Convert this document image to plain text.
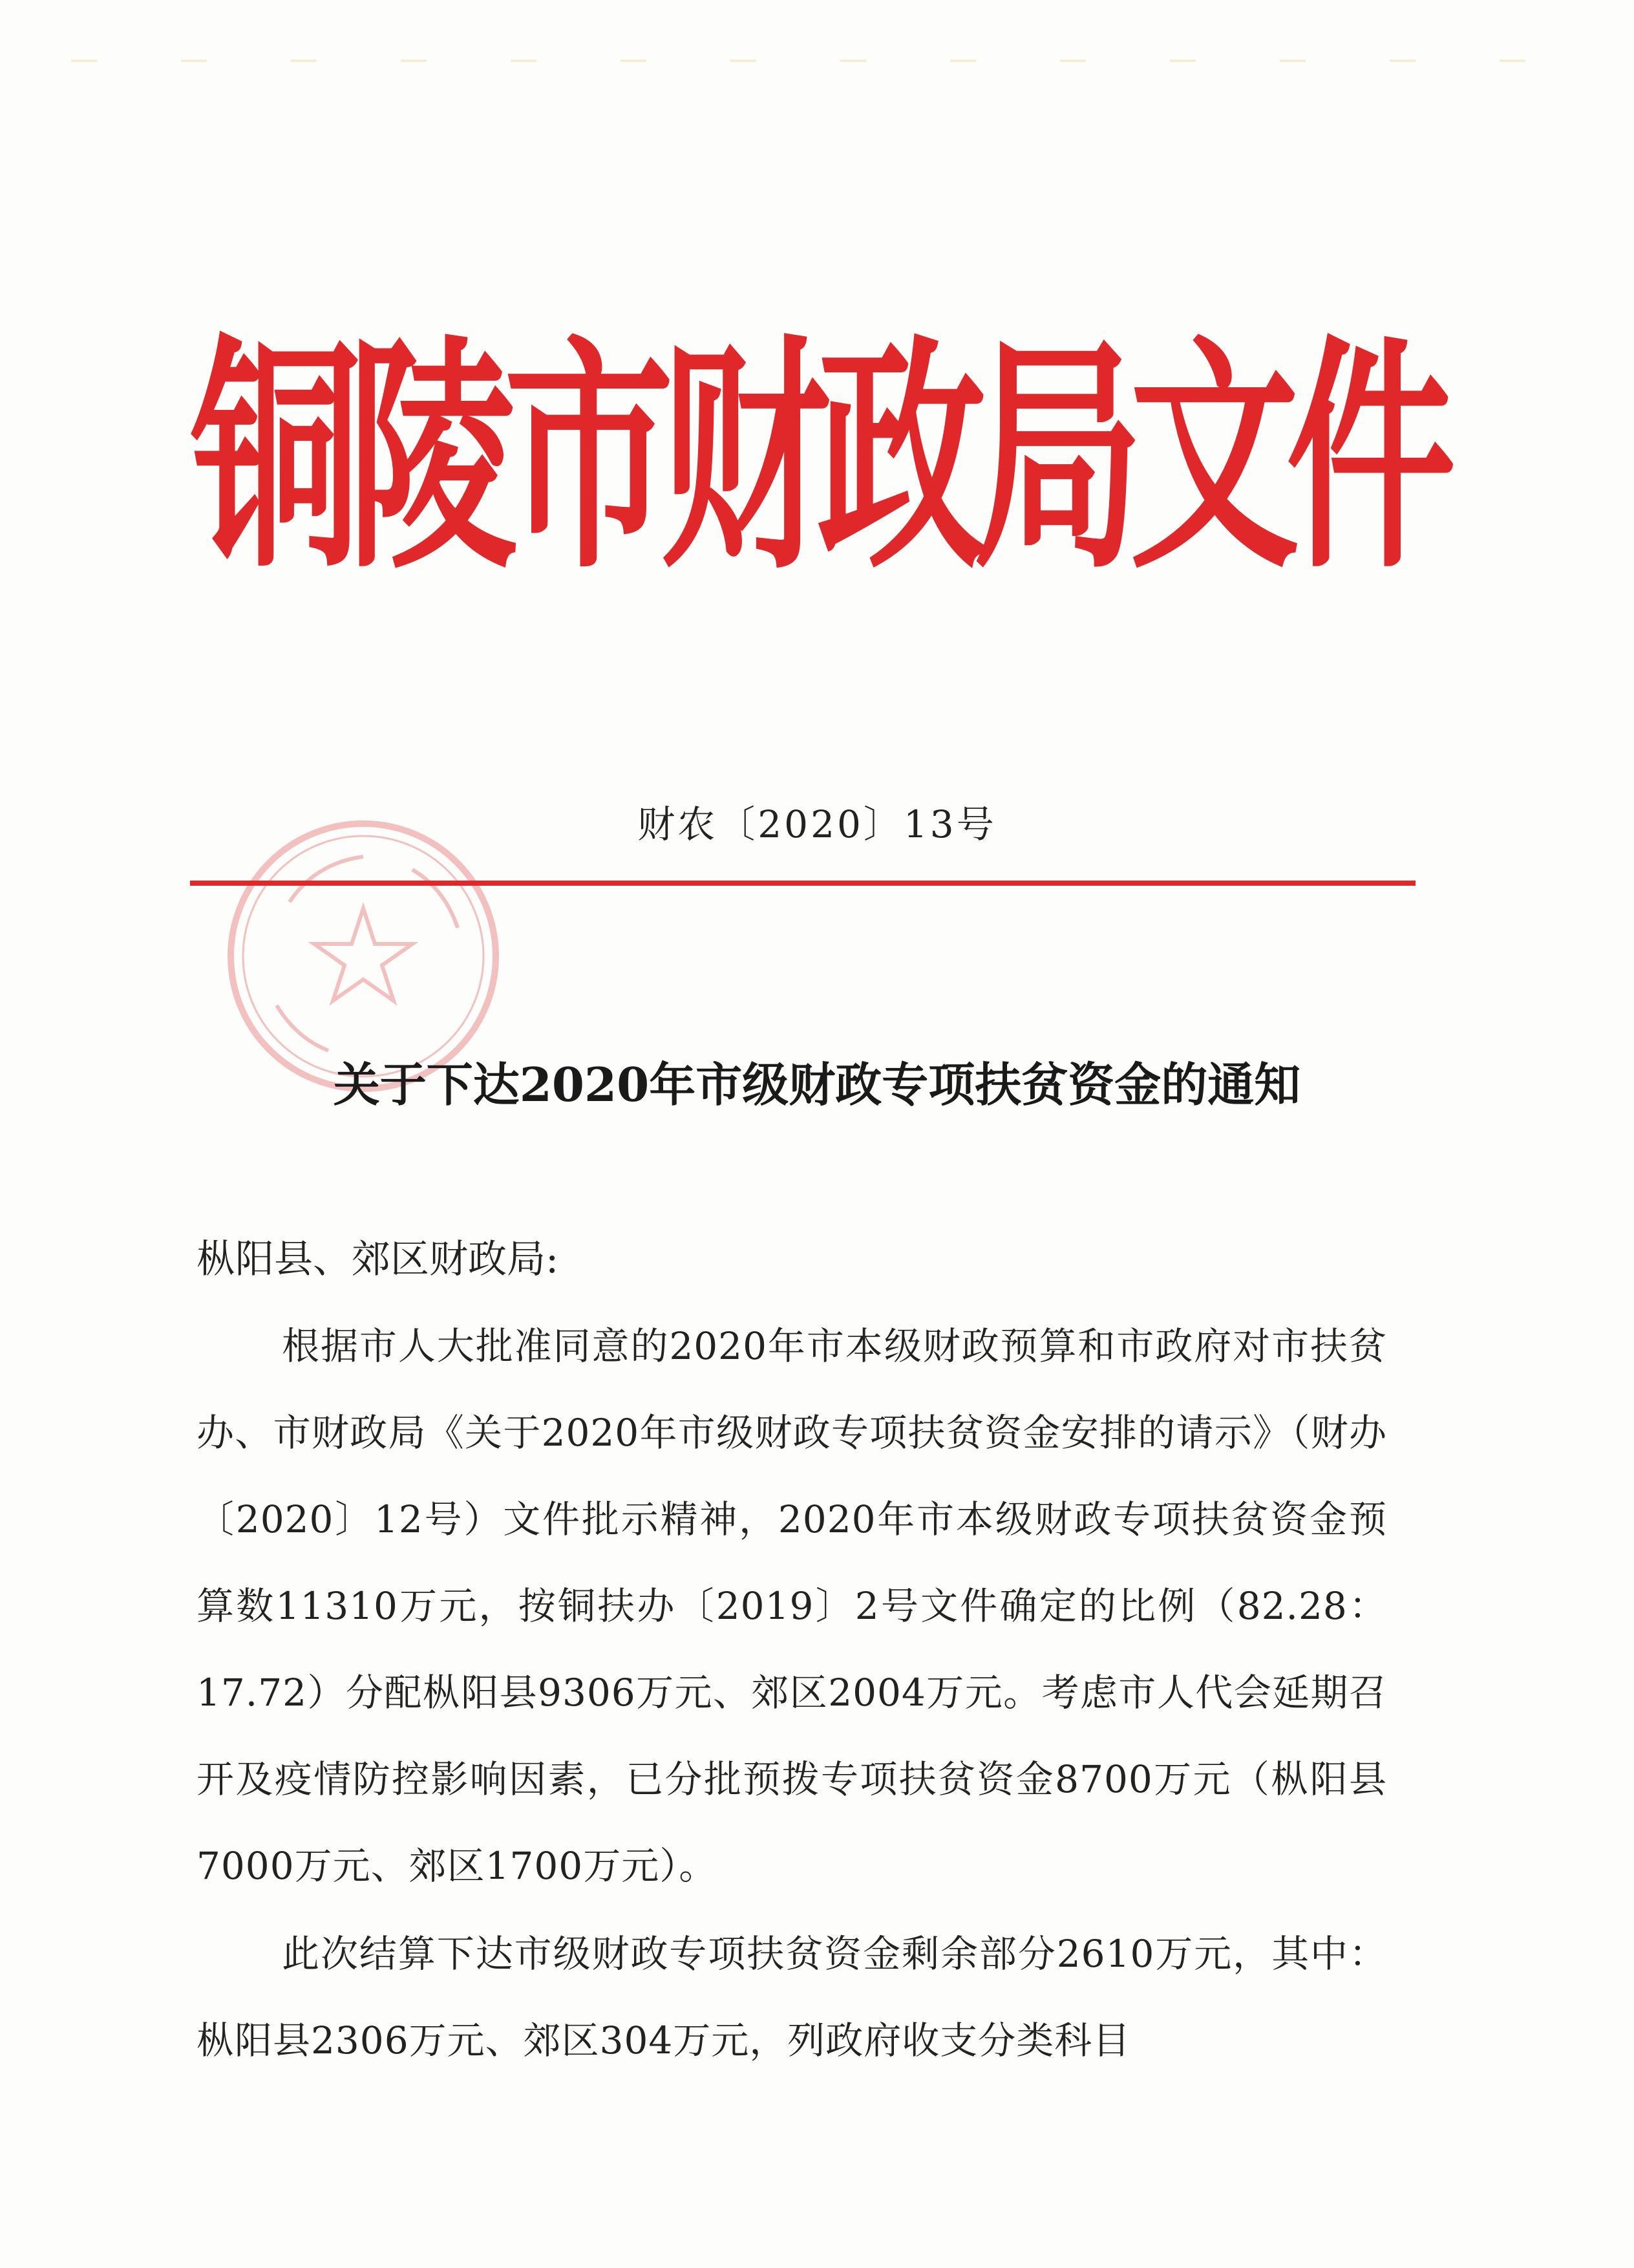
铜陵市财政局文件
财农〔2020〕13号
关于下达2020年市级财政专项扶贫资金的通知

枞阳县、郊区财政局:

根据市人大批准同意的2020年市本级财政预算和市政府对市扶贫办、市财政局《关于2020年市级财政专项扶贫资金安排的请示》（财办〔2020〕12号）文件批示精神，2020年市本级财政专项扶贫资金预算数11310万元，按铜扶办〔2019〕2号文件确定的比例（82.28：17.72）分配枞阳县9306万元、郊区2004万元。考虑市人代会延期召开及疫情防控影响因素，已分批预拨专项扶贫资金8700万元（枞阳县7000万元、郊区1700万元）。

此次结算下达市级财政专项扶贫资金剩余部分2610万元，其中：枞阳县2306万元、郊区304万元，列政府收支分类科目
